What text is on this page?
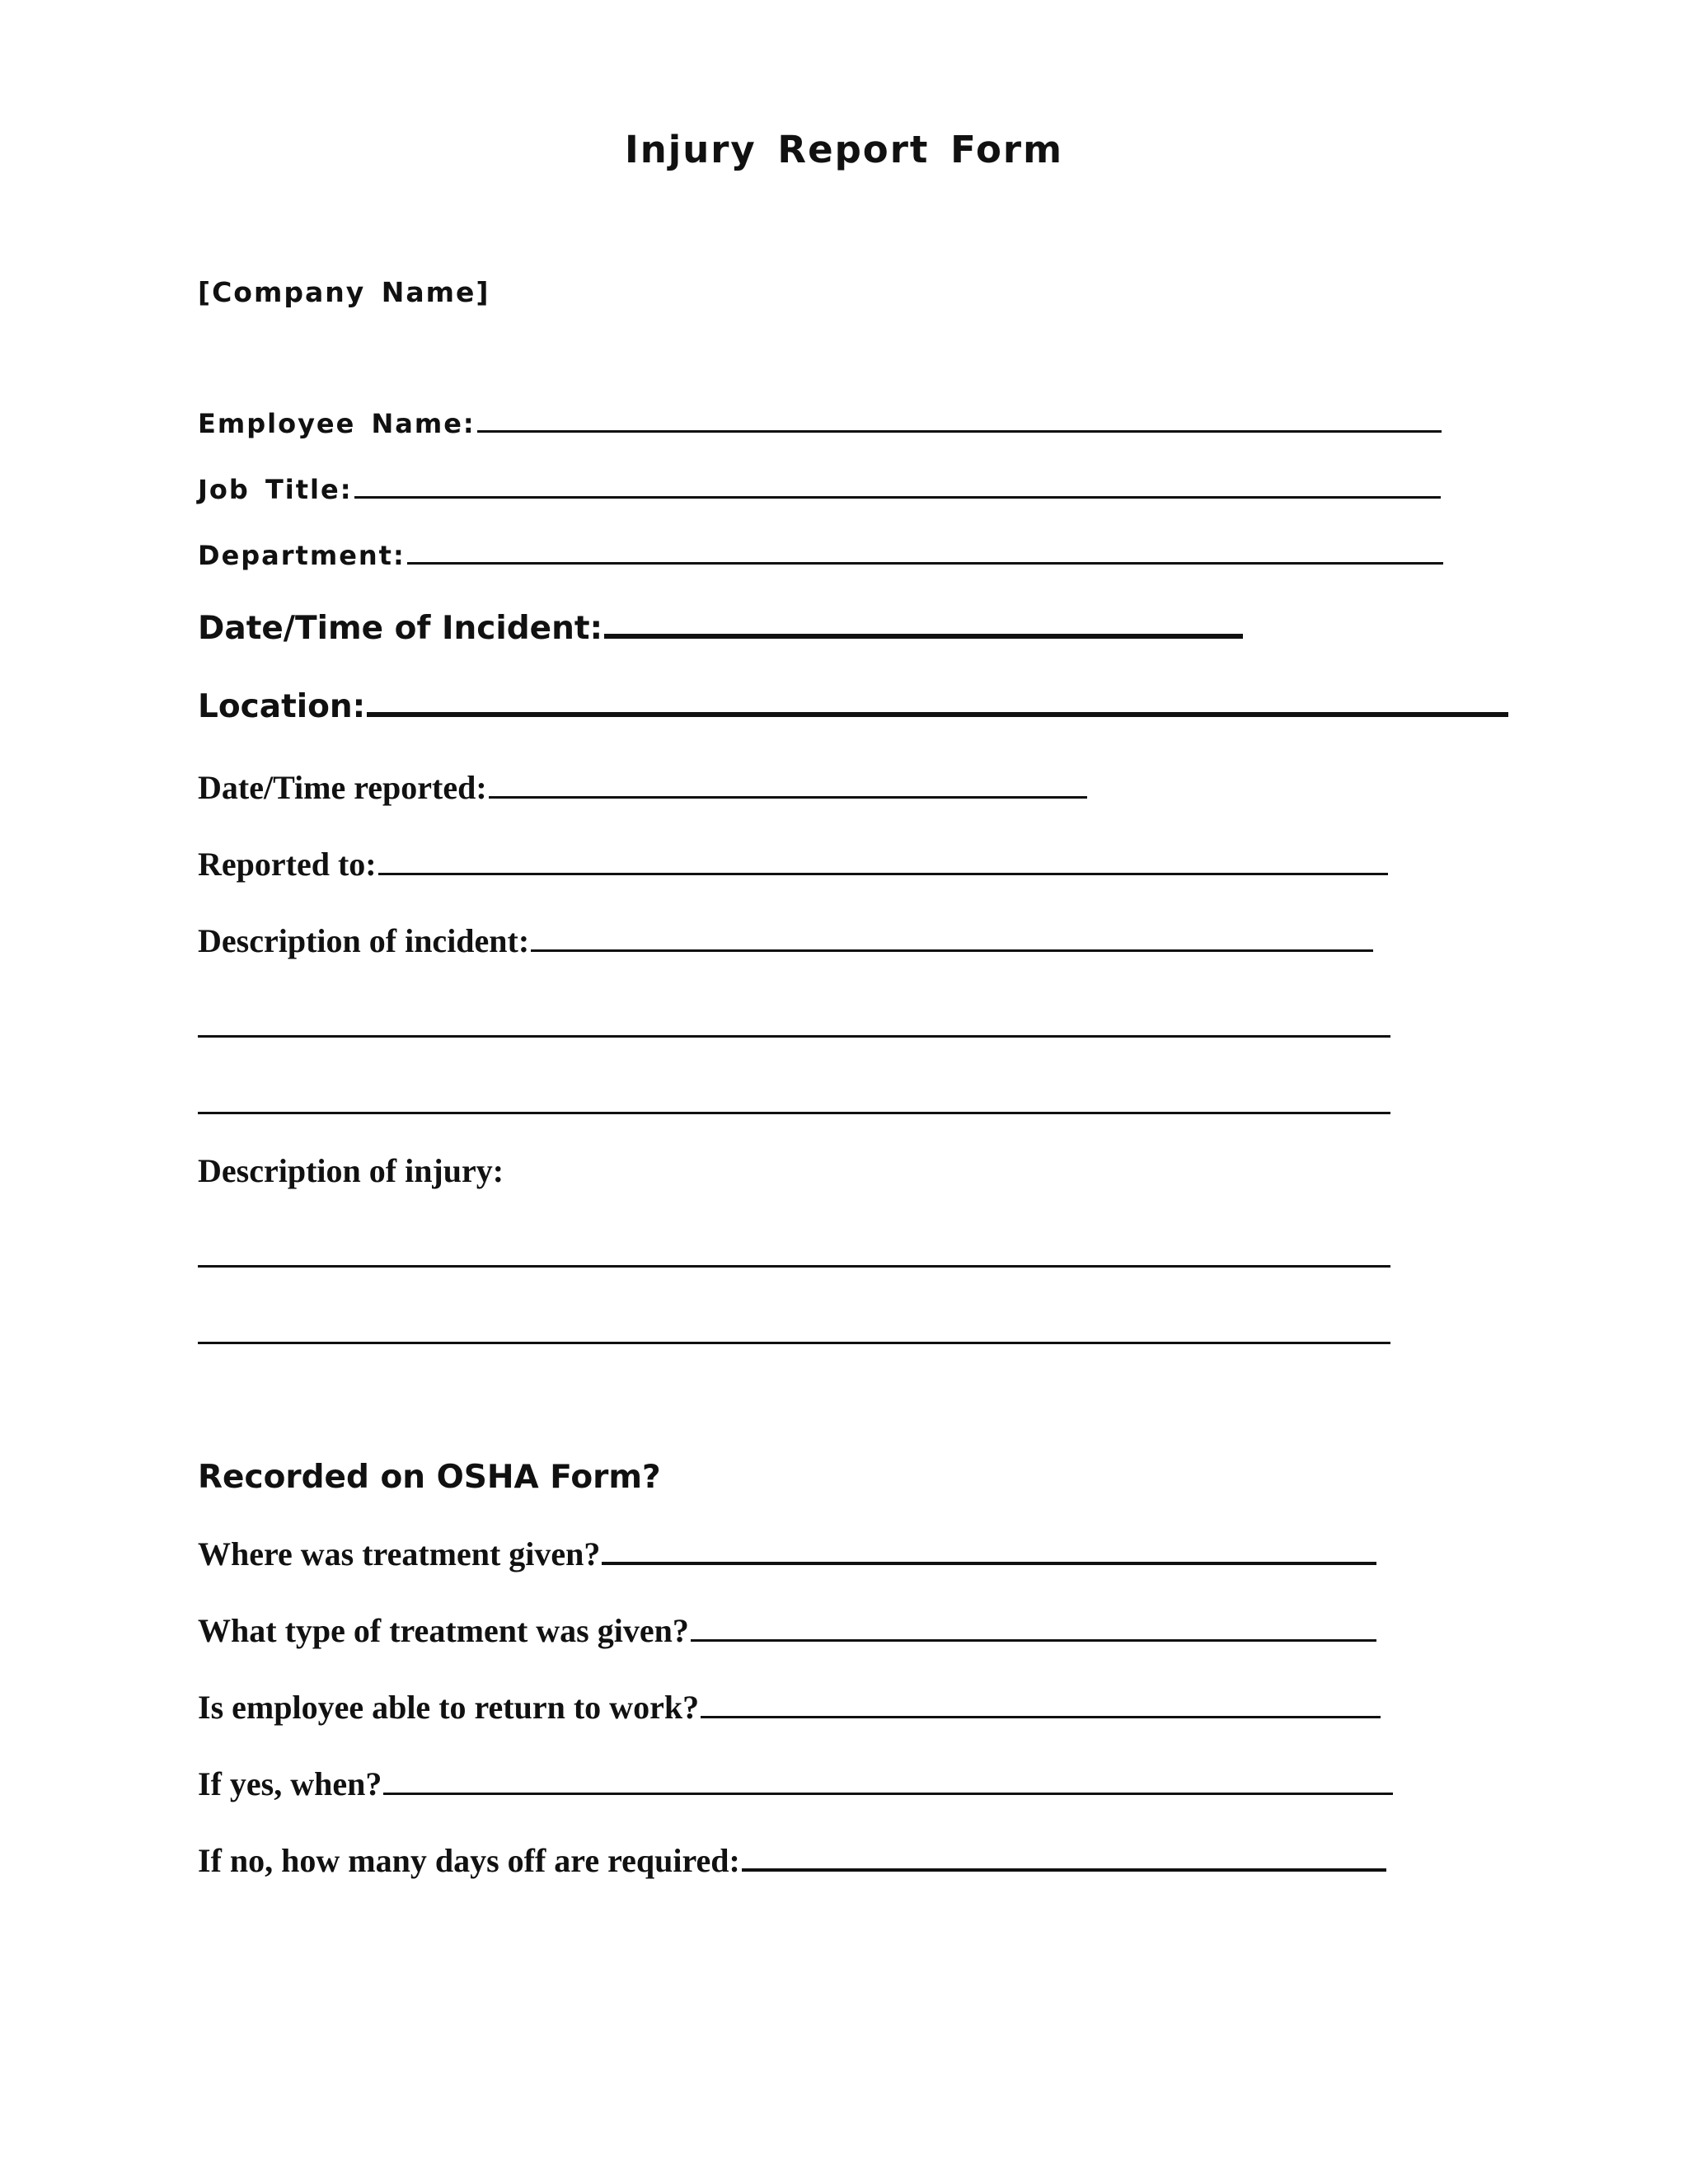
Injury Report Form
[Company Name]
Employee Name:
Job Title:
Department:
Date/Time of Incident:
Location:
Date/Time reported:
Reported to:
Description of incident:
Description of injury:
Recorded on OSHA Form?
Where was treatment given?
What type of treatment was given?
Is employee able to return to work?
If yes, when?
If no, how many days off are required:
